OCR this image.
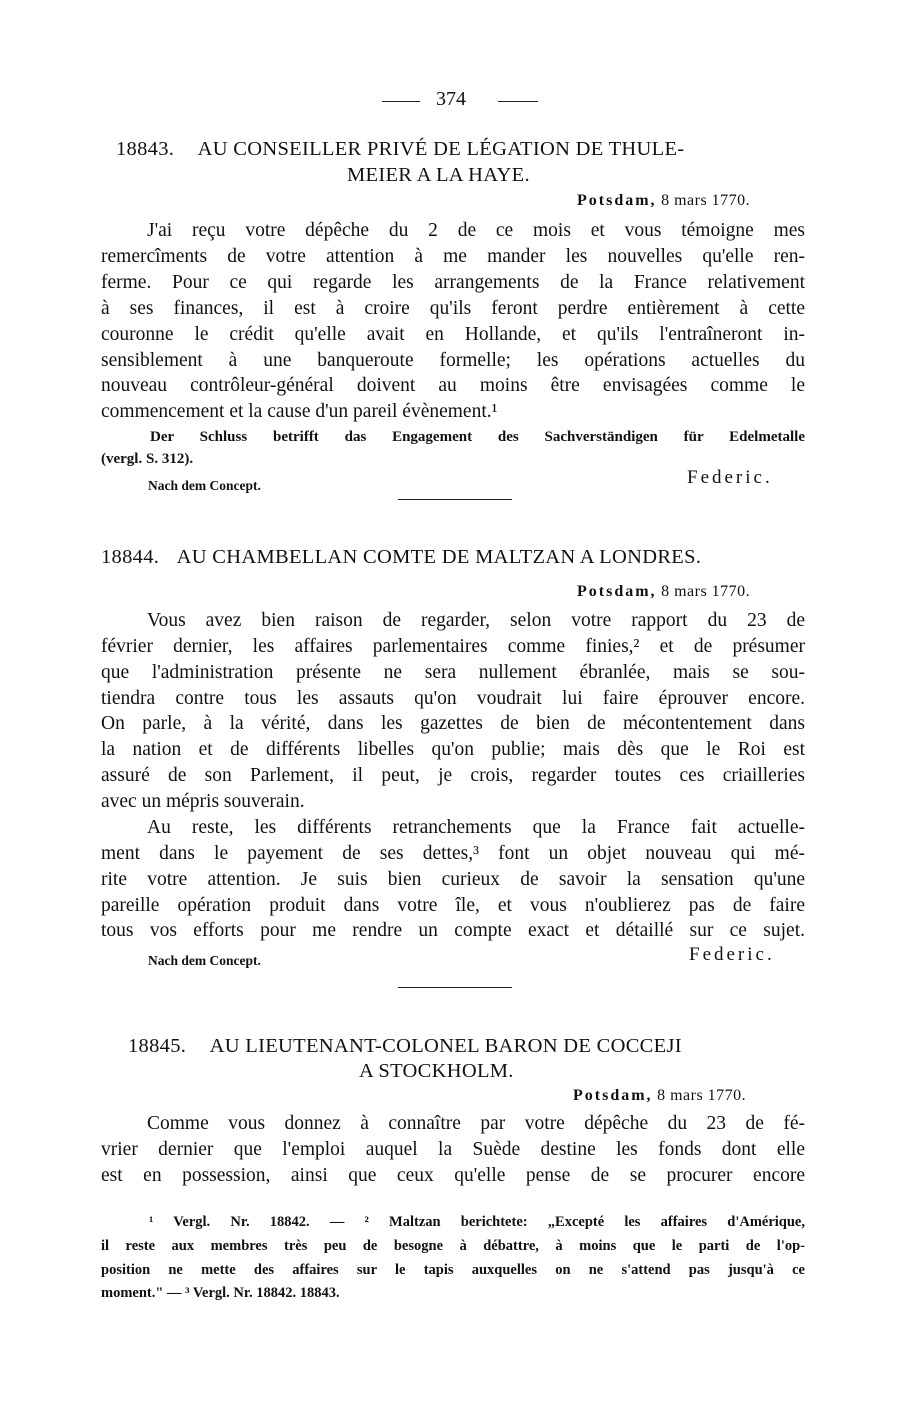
374
18843. AU CONSEILLER PRIVÉ DE LÉGATION DE THULE-
MEIER A LA HAYE.
Potsdam, 8 mars 1770.
J'ai reçu votre dépêche du 2 de ce mois et vous témoigne mes
remercîments de votre attention à me mander les nouvelles qu'elle ren-
ferme. Pour ce qui regarde les arrangements de la France relativement
à ses finances, il est à croire qu'ils feront perdre entièrement à cette
couronne le crédit qu'elle avait en Hollande, et qu'ils l'entraîneront in-
sensiblement à une banqueroute formelle; les opérations actuelles du
nouveau contrôleur-général doivent au moins être envisagées comme le
commencement et la cause d'un pareil évènement.¹
Der Schluss betrifft das Engagement des Sachverständigen für Edelmetalle
(vergl. S. 312).
Nach dem Concept.	Federic.
18844. AU CHAMBELLAN COMTE DE MALTZAN A LONDRES.
Potsdam, 8 mars 1770.
Vous avez bien raison de regarder, selon votre rapport du 23 de
février dernier, les affaires parlementaires comme finies,² et de présumer
que l'administration présente ne sera nullement ébranlée, mais se sou-
tiendra contre tous les assauts qu'on voudrait lui faire éprouver encore.
On parle, à la vérité, dans les gazettes de bien de mécontentement dans
la nation et de différents libelles qu'on publie; mais dès que le Roi est
assuré de son Parlement, il peut, je crois, regarder toutes ces criailleries
avec un mépris souverain.
Au reste, les différents retranchements que la France fait actuelle-
ment dans le payement de ses dettes,³ font un objet nouveau qui mé-
rite votre attention. Je suis bien curieux de savoir la sensation qu'une
pareille opération produit dans votre île, et vous n'oublierez pas de faire
tous vos efforts pour me rendre un compte exact et détaillé sur ce sujet.
Nach dem Concept.	Federic.
18845. AU LIEUTENANT-COLONEL BARON DE COCCEJI
A STOCKHOLM.
Potsdam, 8 mars 1770.
Comme vous donnez à connaître par votre dépêche du 23 de fé-
vrier dernier que l'emploi auquel la Suède destine les fonds dont elle
est en possession, ainsi que ceux qu'elle pense de se procurer encore
¹ Vergl. Nr. 18842. — ² Maltzan berichtete: „Excepté les affaires d'Amérique,
il reste aux membres très peu de besogne à débattre, à moins que le parti de l'op-
position ne mette des affaires sur le tapis auxquelles on ne s'attend pas jusqu'à ce
moment." — ³ Vergl. Nr. 18842. 18843.
